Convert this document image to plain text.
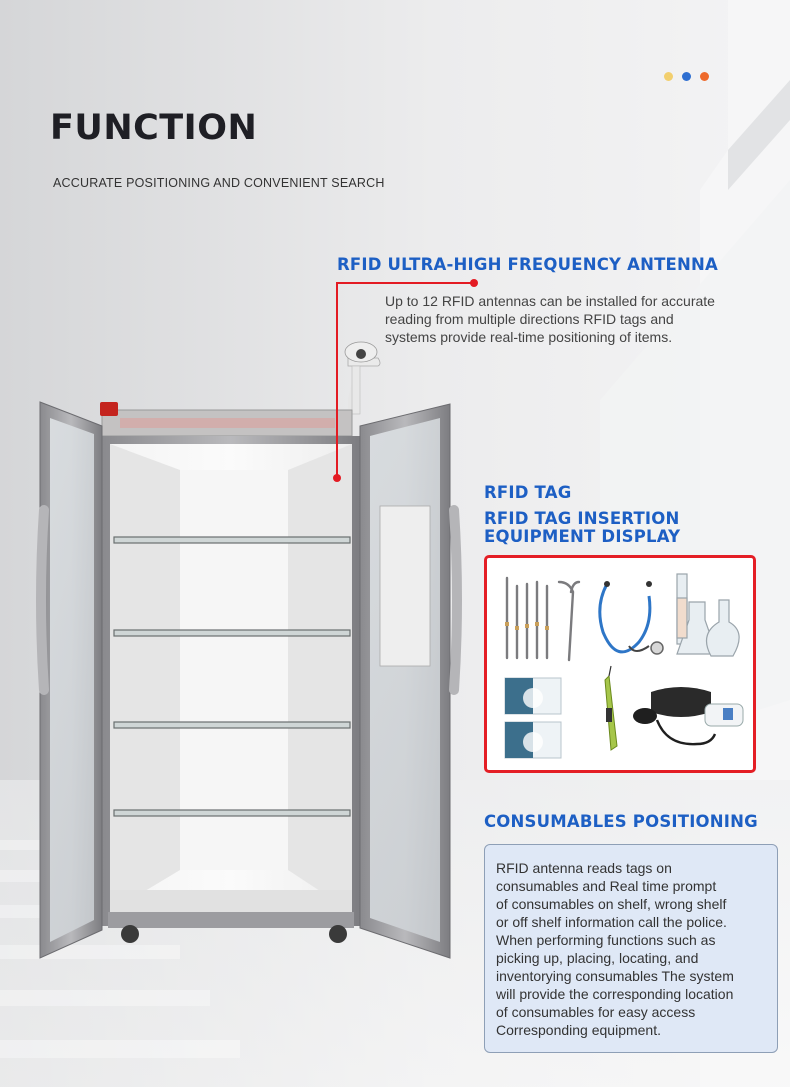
FUNCTION
ACCURATE POSITIONING AND CONVENIENT SEARCH
RFID ULTRA-HIGH FREQUENCY ANTENNA
Up to 12 RFID antennas can be installed for accurate
reading from multiple directions RFID tags and
systems provide real-time positioning of items.
RFID TAG
RFID TAG INSERTION
EQUIPMENT DISPLAY
CONSUMABLES POSITIONING

RFID antenna reads tags on

consumables and Real time prompt

of consumables on shelf, wrong shelf

or off shelf information call the police.

When performing functions such as

picking up, placing, locating, and

inventorying consumables The system

will provide the corresponding location

of consumables for easy access

Corresponding equipment.
